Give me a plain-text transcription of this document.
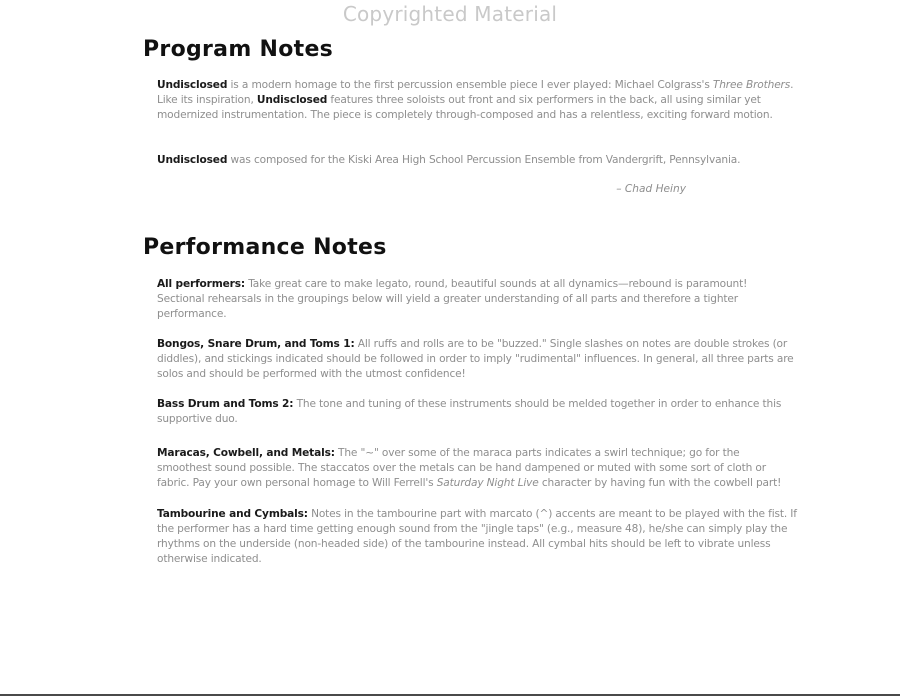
Copyrighted Material
Program Notes

Undisclosed is a modern homage to the first percussion ensemble piece I ever played: Michael Colgrass's Three Brothers. Like its inspiration, Undisclosed features three soloists out front and six performers in the back, all using similar yet modernized instrumentation. The piece is completely through-composed and has a relentless, exciting forward motion.

Undisclosed was composed for the Kiski Area High School Percussion Ensemble from Vandergrift, Pennsylvania.

– Chad Heiny
Performance Notes

All performers: Take great care to make legato, round, beautiful sounds at all dynamics—rebound is paramount! Sectional rehearsals in the groupings below will yield a greater understanding of all parts and therefore a tighter performance.

Bongos, Snare Drum, and Toms 1: All ruffs and rolls are to be "buzzed." Single slashes on notes are double strokes (or diddles), and stickings indicated should be followed in order to imply "rudimental" influences. In general, all three parts are solos and should be performed with the utmost confidence!

Bass Drum and Toms 2: The tone and tuning of these instruments should be melded together in order to enhance this supportive duo.

Maracas, Cowbell, and Metals: The "~" over some of the maraca parts indicates a swirl technique; go for the smoothest sound possible. The staccatos over the metals can be hand dampened or muted with some sort of cloth or fabric. Pay your own personal homage to Will Ferrell's Saturday Night Live character by having fun with the cowbell part!

Tambourine and Cymbals: Notes in the tambourine part with marcato (^) accents are meant to be played with the fist. If the performer has a hard time getting enough sound from the "jingle taps" (e.g., measure 48), he/she can simply play the rhythms on the underside (non-headed side) of the tambourine instead. All cymbal hits should be left to vibrate unless otherwise indicated.
